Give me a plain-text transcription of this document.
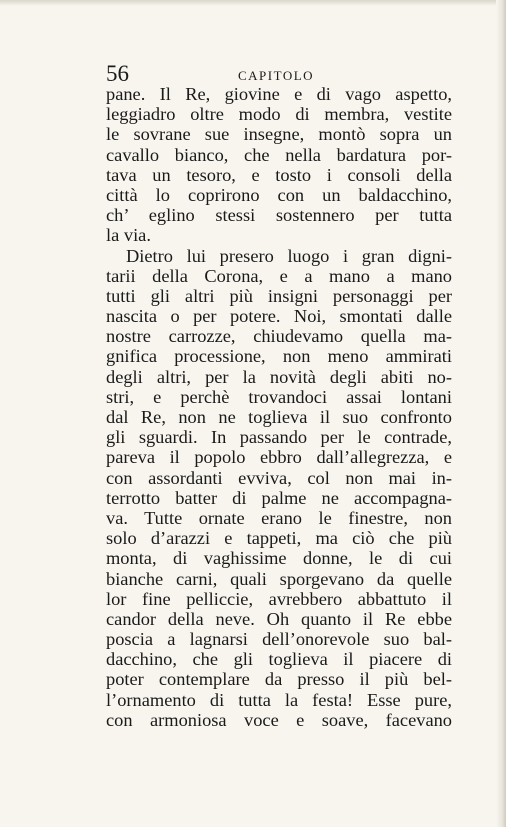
56	CAPITOLO
pane. Il Re, giovine e di vago aspetto,
leggiadro oltre modo di membra, vestite
le sovrane sue insegne, montò sopra un
cavallo bianco, che nella bardatura por-
tava un tesoro, e tosto i consoli della
città lo coprirono con un baldacchino,
ch’ eglino stessi sostennero per tutta
la via.
Dietro lui presero luogo i gran digni-
tarii della Corona, e a mano a mano
tutti gli altri più insigni personaggi per
nascita o per potere. Noi, smontati dalle
nostre carrozze, chiudevamo quella ma-
gnifica processione, non meno ammirati
degli altri, per la novità degli abiti no-
stri, e perchè trovandoci assai lontani
dal Re, non ne toglieva il suo confronto
gli sguardi. In passando per le contrade,
pareva il popolo ebbro dall’allegrezza, e
con assordanti evviva, col non mai in-
terrotto batter di palme ne accompagna-
va. Tutte ornate erano le finestre, non
solo d’arazzi e tappeti, ma ciò che più
monta, di vaghissime donne, le di cui
bianche carni, quali sporgevano da quelle
lor fine pelliccie, avrebbero abbattuto il
candor della neve. Oh quanto il Re ebbe
poscia a lagnarsi dell’onorevole suo bal-
dacchino, che gli toglieva il piacere di
poter contemplare da presso il più bel-
l’ornamento di tutta la festa! Esse pure,
con armoniosa voce e soave, facevano
